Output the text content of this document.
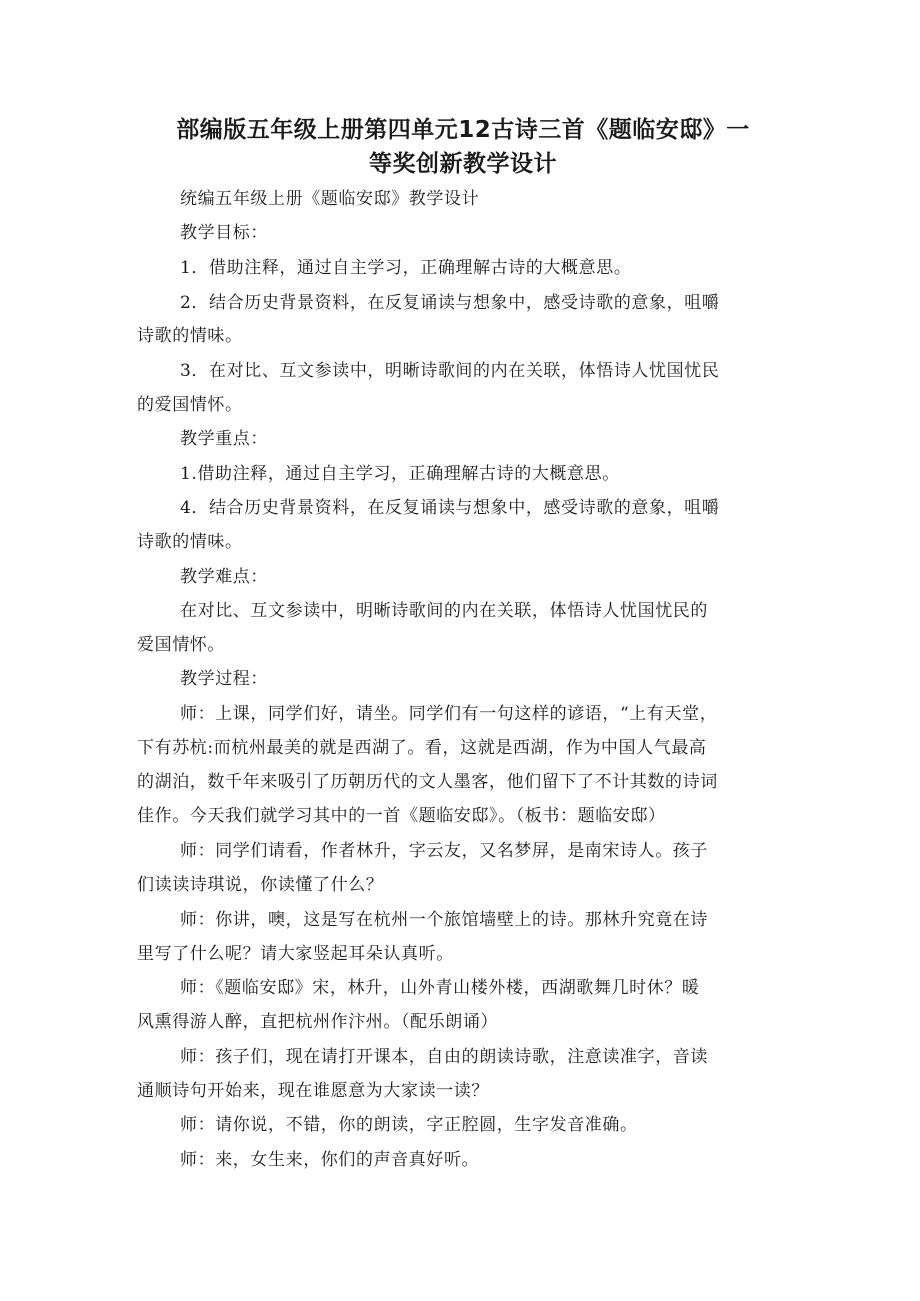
部编版五年级上册第四单元12古诗三首《题临安邸》一
等奖创新教学设计
统编五年级上册《题临安邸》教学设计
教学目标：
1．借助注释，通过自主学习，正确理解古诗的大概意思。
2．结合历史背景资料，在反复诵读与想象中，感受诗歌的意象，咀嚼
诗歌的情味。
3．在对比、互文参读中，明晰诗歌间的内在关联，体悟诗人忧国忧民
的爱国情怀。
教学重点：
1.借助注释，通过自主学习，正确理解古诗的大概意思。
4．结合历史背景资料，在反复诵读与想象中，感受诗歌的意象，咀嚼
诗歌的情味。
教学难点：
在对比、互文参读中，明晰诗歌间的内在关联，体悟诗人忧国忧民的
爱国情怀。
教学过程：
师：上课，同学们好，请坐。同学们有一句这样的谚语，“上有天堂，
下有苏杭:而杭州最美的就是西湖了。看，这就是西湖，作为中国人气最高
的湖泊，数千年来吸引了历朝历代的文人墨客，他们留下了不计其数的诗词
佳作。今天我们就学习其中的一首《题临安邸》。（板书：题临安邸）
师：同学们请看，作者林升，字云友，又名梦屏，是南宋诗人。孩子
们读读诗琪说，你读懂了什么？
师：你讲，噢，这是写在杭州一个旅馆墙壁上的诗。那林升究竟在诗
里写了什么呢？请大家竖起耳朵认真听。
师：《题临安邸》宋，林升，山外青山楼外楼，西湖歌舞几时休？暖
风熏得游人醉，直把杭州作汴州。（配乐朗诵）
师：孩子们，现在请打开课本，自由的朗读诗歌，注意读准字，音读
通顺诗句开始来，现在谁愿意为大家读一读？
师：请你说，不错，你的朗读，字正腔圆，生字发音准确。
师：来，女生来，你们的声音真好听。
